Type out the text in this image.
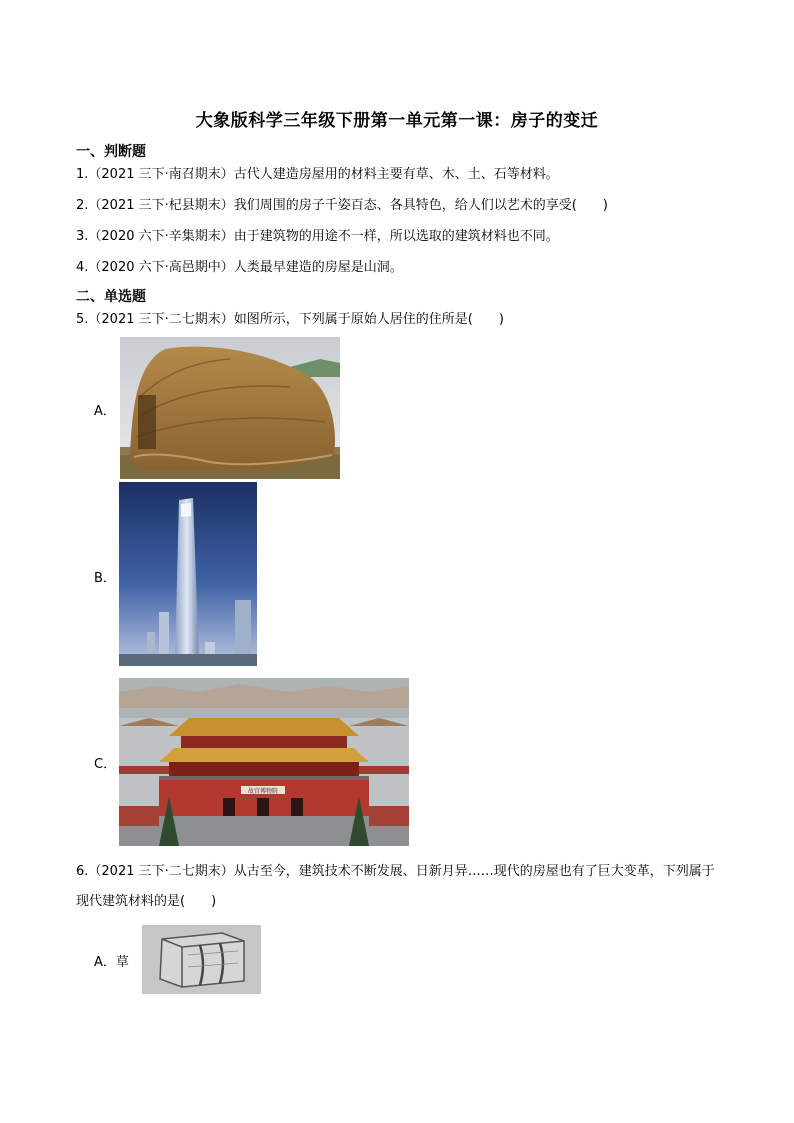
大象版科学三年级下册第一单元第一课：房子的变迁
一、判断题
1.（2021 三下·南召期末）古代人建造房屋用的材料主要有草、木、土、石等材料。
2.（2021 三下·杞县期末）我们周围的房子千姿百态、各具特色，给人们以艺术的享受(　　)
3.（2020 六下·辛集期末）由于建筑物的用途不一样，所以选取的建筑材料也不同。
4.（2020 六下·高邑期中）人类最早建造的房屋是山洞。
二、单选题
5.（2021 三下·二七期末）如图所示，下列属于原始人居住的住所是(　　)
A．
B．
C．
故宫博物院
6.（2021 三下·二七期末）从古至今，建筑技术不断发展、日新月异……现代的房屋也有了巨大变革，下列属于现代建筑材料的是(　　)
A．草
